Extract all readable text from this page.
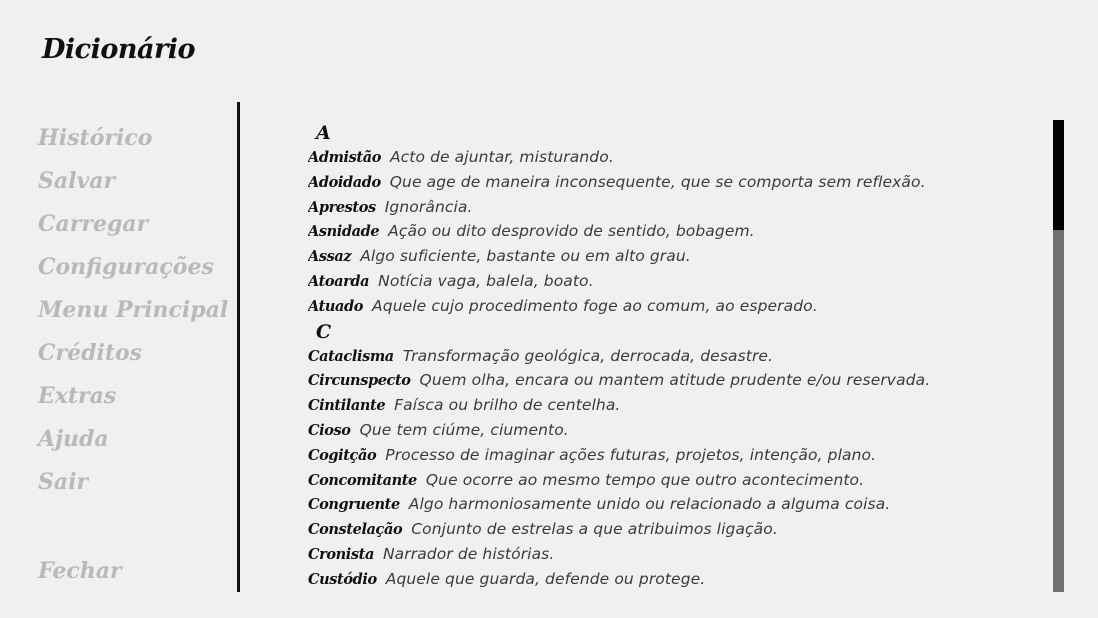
Dicionário
Histórico
Salvar
Carregar
Configurações
Menu Principal
Créditos
Extras
Ajuda
Sair
Fechar
A
Admistão Acto de ajuntar, misturando.
Adoidado Que age de maneira inconsequente, que se comporta sem reflexão.
Aprestos Ignorância.
Asnidade Ação ou dito desprovido de sentido, bobagem.
Assaz Algo suficiente, bastante ou em alto grau.
Atoarda Notícia vaga, balela, boato.
Atuado Aquele cujo procedimento foge ao comum, ao esperado.
C
Cataclisma Transformação geológica, derrocada, desastre.
Circunspecto Quem olha, encara ou mantem atitude prudente e/ou reservada.
Cintilante Faísca ou brilho de centelha.
Cioso Que tem ciúme, ciumento.
Cogitção Processo de imaginar ações futuras, projetos, intenção, plano.
Concomitante Que ocorre ao mesmo tempo que outro acontecimento.
Congruente Algo harmoniosamente unido ou relacionado a alguma coisa.
Constelação Conjunto de estrelas a que atribuimos ligação.
Cronista Narrador de histórias.
Custódio Aquele que guarda, defende ou protege.
